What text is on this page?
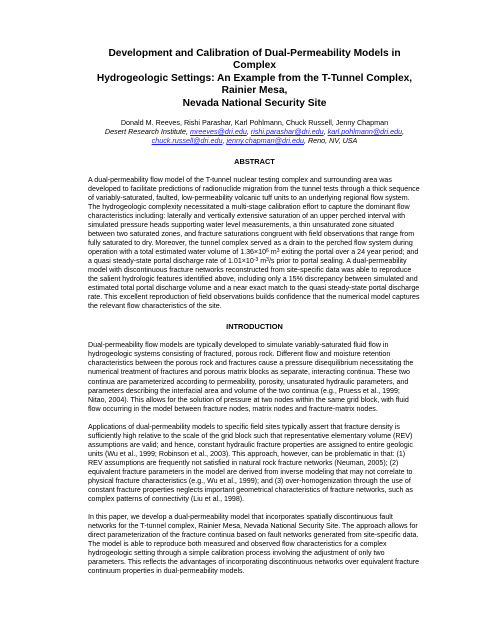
Development and Calibration of Dual-Permeability Models in Complex

Hydrogeologic Settings: An Example from the T-Tunnel Complex, Rainier Mesa,

Nevada National Security Site

Donald M. Reeves, Rishi Parashar, Karl Pohlmann, Chuck Russell, Jenny Chapman
Desert Research Institute, mreeves@dri.edu, rishi.parashar@dri.edu, karl.pohlmann@dri.edu,
chuck.russell@dri.edu, jenny.chapman@dri.edu, Reno, NV, USA

ABSTRACT

A dual-permeability flow model of the T-tunnel nuclear testing complex and surrounding area was

developed to facilitate predictions of radionuclide migration from the tunnel tests through a thick sequence

of variably-saturated, faulted, low-permeability volcanic tuff units to an underlying regional flow system.

The hydrogeologic complexity necessitated a multi-stage calibration effort to capture the dominant flow

characteristics including: laterally and vertically extensive saturation of an upper perched interval with

simulated pressure heads supporting water level measurements, a thin unsaturated zone situated

between two saturated zones, and fracture saturations congruent with field observations that range from

fully saturated to dry. Moreover, the tunnel complex served as a drain to the perched flow system during

operation with a total estimated water volume of $1.36\times 10^6$ $m^3$ exiting the portal over a 24 year period; and

a quasi steady-state portal discharge rate of $1.01\times 10^{-3}$ $m^3/s$ prior to portal sealing. A dual-permeability

model with discontinuous fracture networks reconstructed from site-specific data was able to reproduce

the salient hydrologic features identified above, including only a 15% discrepancy between simulated and

estimated total portal discharge volume and a near exact match to the quasi steady-state portal discharge

rate. This excellent reproduction of field observations builds confidence that the numerical model captures

the relevant flow characteristics of the site.

INTRODUCTION

Dual-permeability flow models are typically developed to simulate variably-saturated fluid flow in

hydrogeologic systems consisting of fractured, porous rock. Different flow and moisture retention

characteristics between the porous rock and fractures cause a pressure disequilibrium necessitating the

numerical treatment of fractures and porous matrix blocks as separate, interacting continua. These two

continua are parameterized according to permeability, porosity, unsaturated hydraulic parameters, and

parameters describing the interfacial area and volume of the two continua (e.g., Pruess et al., 1999;

Nitao, 2004). This allows for the solution of pressure at two nodes within the same grid block, with fluid

flow occurring in the model between fracture nodes, matrix nodes and fracture-matrix nodes.

Applications of dual-permeability models to specific field sites typically assert that fracture density is

sufficiently high relative to the scale of the grid block such that representative elementary volume (REV)

assumptions are valid; and hence, constant hydraulic fracture properties are assigned to entire geologic

units (Wu et al., 1999; Robinson et al., 2003). This approach, however, can be problematic in that: (1)

REV assumptions are frequently not satisfied in natural rock fracture networks (Neuman, 2005); (2)

equivalent fracture parameters in the model are derived from inverse modeling that may not correlate to

physical fracture characteristics (e.g., Wu et al., 1999); and (3) over-homogenization through the use of

constant fracture properties neglects important geometrical characteristics of fracture networks, such as

complex patterns of connectivity (Liu et al., 1998).

In this paper, we develop a dual-permeability model that incorporates spatially discontinuous fault

networks for the T-tunnel complex, Rainier Mesa, Nevada National Security Site. The approach allows for

direct parameterization of the fracture continua based on fault networks generated from site-specific data.

The model is able to reproduce both measured and observed flow characteristics for a complex

hydrogeologic setting through a simple calibration process involving the adjustment of only two

parameters. This reflects the advantages of incorporating discontinuous networks over equivalent fracture

continuum properties in dual-permeability models.
